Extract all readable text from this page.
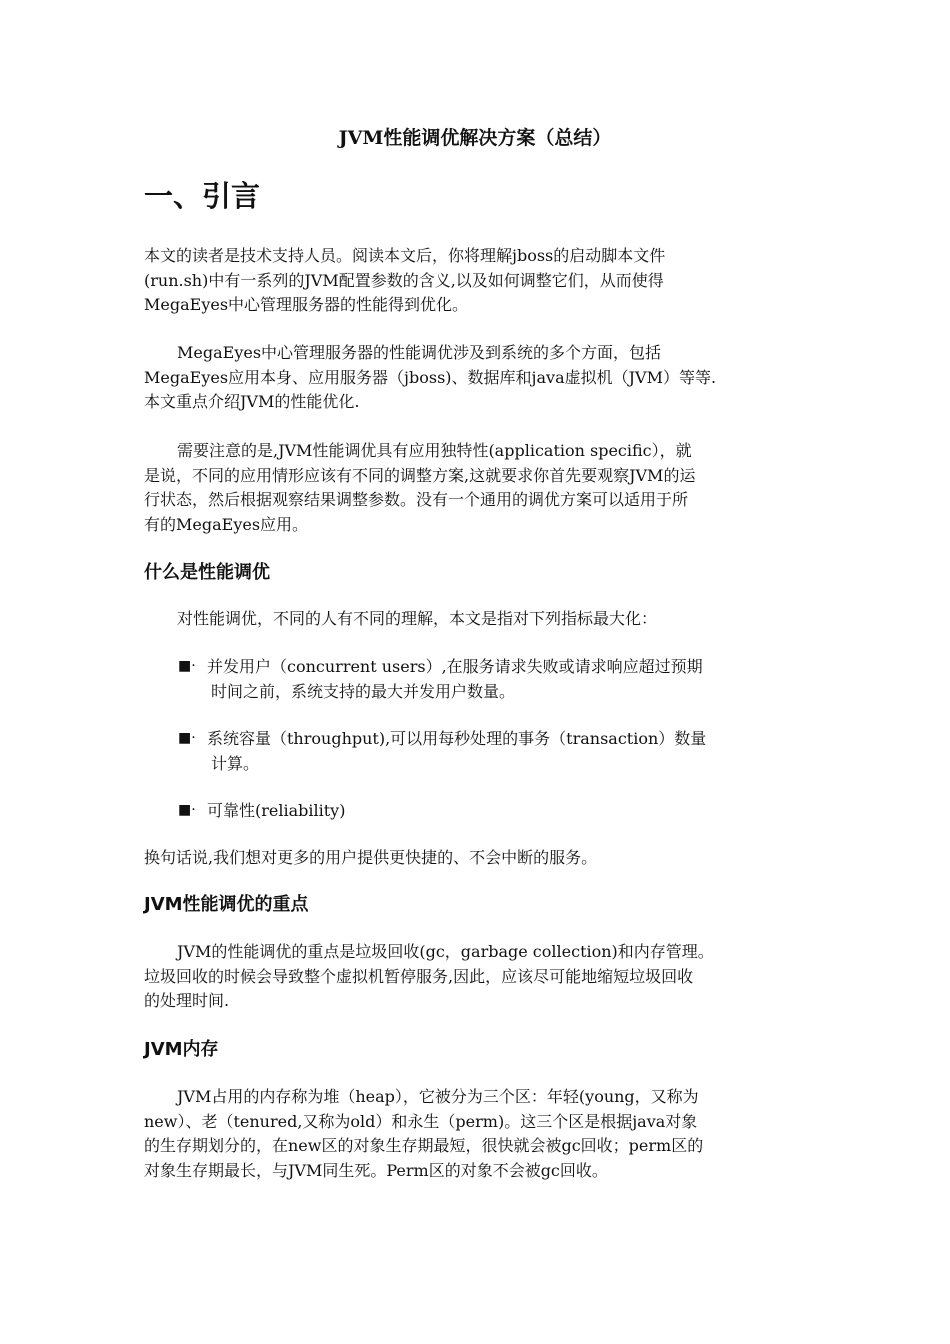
JVM性能调优解决方案（总结）
一、引言
本文的读者是技术支持人员。阅读本文后，你将理解jboss的启动脚本文件
(run.sh)中有一系列的JVM配置参数的含义,以及如何调整它们，从而使得
MegaEyes中心管理服务器的性能得到优化。
MegaEyes中心管理服务器的性能调优涉及到系统的多个方面，包括
MegaEyes应用本身、应用服务器（jboss)、数据库和java虚拟机（JVM）等等.
本文重点介绍JVM的性能优化.
需要注意的是,JVM性能调优具有应用独特性(application specific），就
是说，不同的应用情形应该有不同的调整方案,这就要求你首先要观察JVM的运
行状态，然后根据观察结果调整参数。没有一个通用的调优方案可以适用于所
有的MegaEyes应用。
什么是性能调优
对性能调优，不同的人有不同的理解，本文是指对下列指标最大化：
■· 并发用户（concurrent users）,在服务请求失败或请求响应超过预期
时间之前，系统支持的最大并发用户数量。
■· 系统容量（throughput),可以用每秒处理的事务（transaction）数量
计算。
■· 可靠性(reliability)
换句话说,我们想对更多的用户提供更快捷的、不会中断的服务。
JVM性能调优的重点
JVM的性能调优的重点是垃圾回收(gc，garbage collection)和内存管理。
垃圾回收的时候会导致整个虚拟机暂停服务,因此，应该尽可能地缩短垃圾回收
的处理时间.
JVM内存
JVM占用的内存称为堆（heap），它被分为三个区：年轻(young，又称为
new）、老（tenured,又称为old）和永生（perm)。这三个区是根据java对象
的生存期划分的，在new区的对象生存期最短，很快就会被gc回收；perm区的
对象生存期最长，与JVM同生死。Perm区的对象不会被gc回收。
